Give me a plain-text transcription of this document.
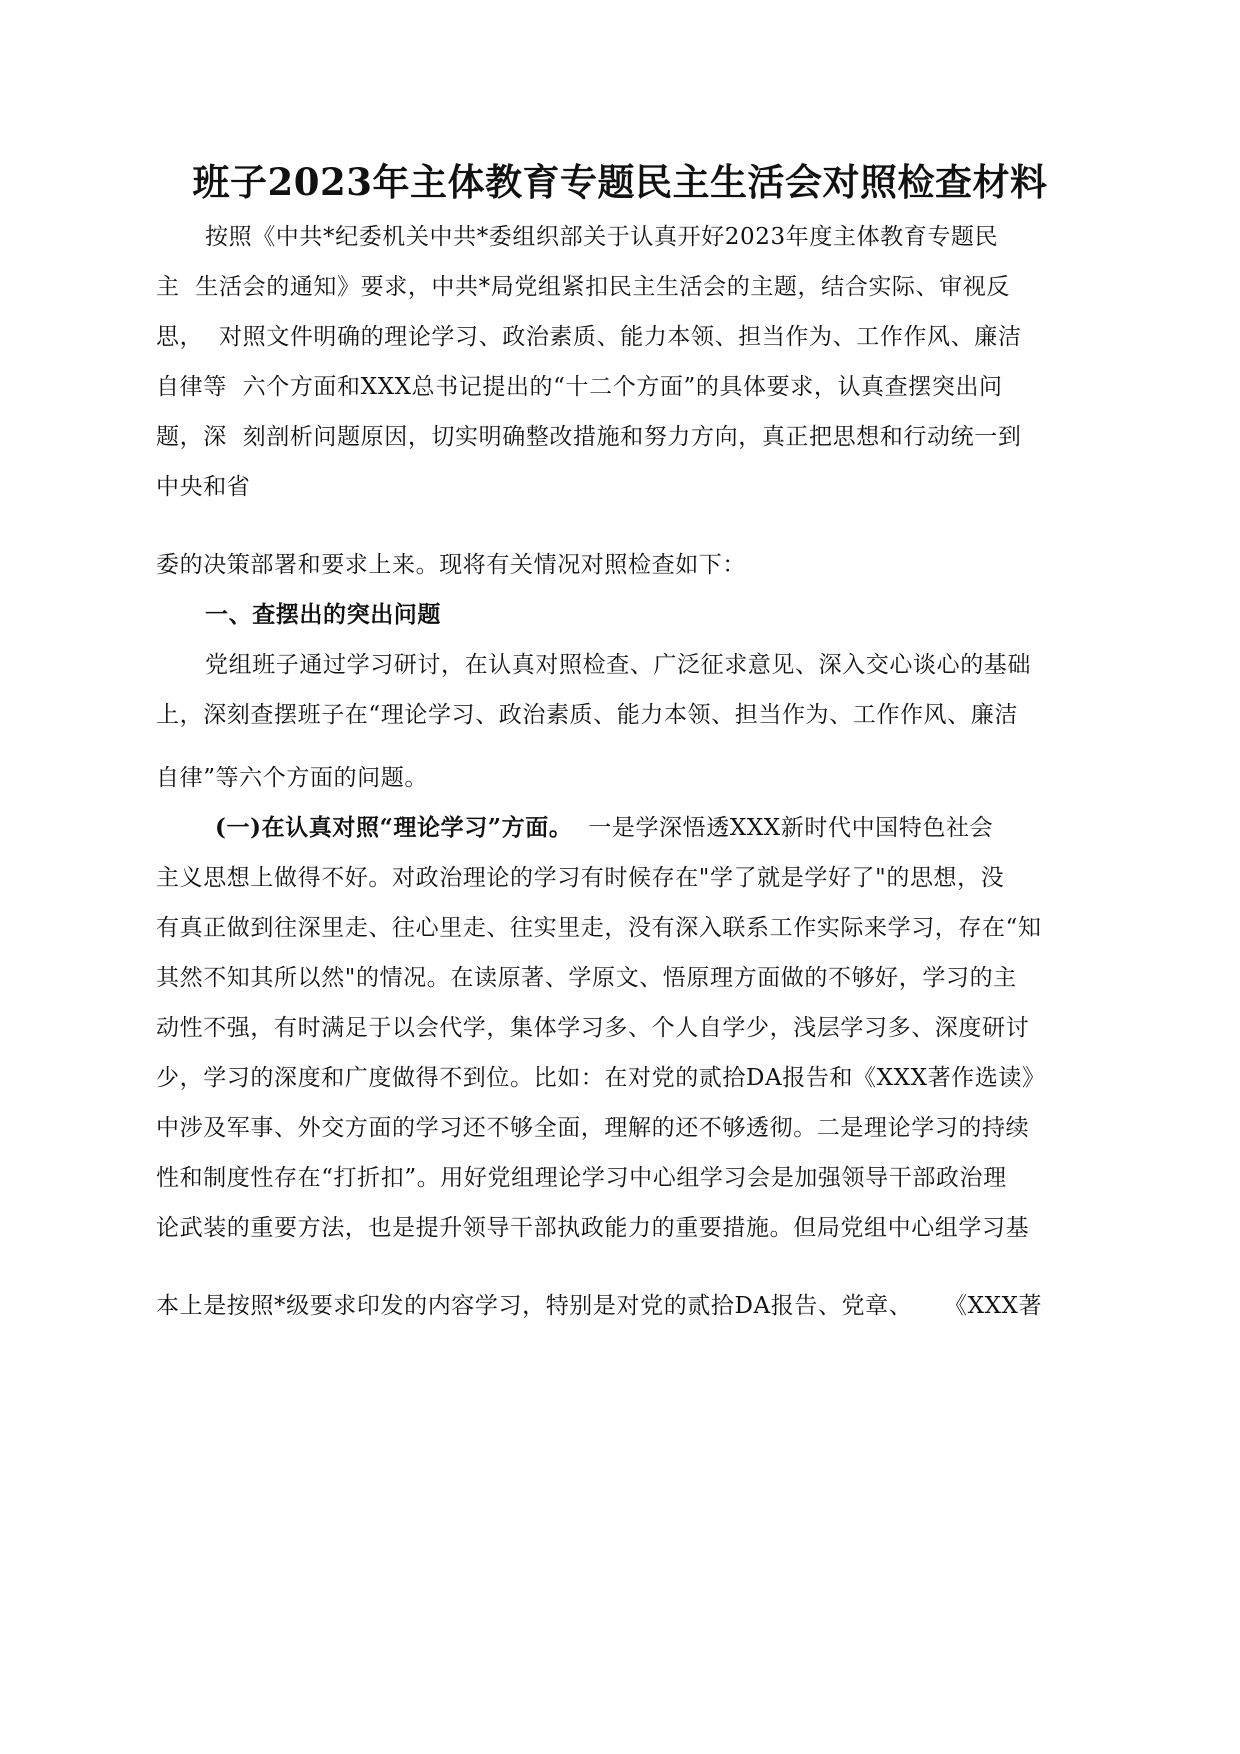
班子2023年主体教育专题民主生活会对照检查材料
按照《中共*纪委机关中共*委组织部关于认真开好2023年度主体教育专题民
主  生活会的通知》要求，中共*局党组紧扣民主生活会的主题，结合实际、审视反
思，  对照文件明确的理论学习、政治素质、能力本领、担当作为、工作作风、廉洁
自律等  六个方面和XXX总书记提出的“十二个方面”的具体要求，认真查摆突出问
题，深  刻剖析问题原因，切实明确整改措施和努力方向，真正把思想和行动统一到
中央和省
委的决策部署和要求上来。现将有关情况对照检查如下：
一、查摆出的突出问题
党组班子通过学习研讨，在认真对照检查、广泛征求意见、深入交心谈心的基础
上，深刻查摆班子在“理论学习、政治素质、能力本领、担当作为、工作作风、廉洁
自律”等六个方面的问题。
(一)在认真对照“理论学习”方面。  一是学深悟透XXX新时代中国特色社会
主义思想上做得不好。对政治理论的学习有时候存在"学了就是学好了"的思想，没
有真正做到往深里走、往心里走、往实里走，没有深入联系工作实际来学习，存在“知
其然不知其所以然"的情况。在读原著、学原文、悟原理方面做的不够好，学习的主
动性不强，有时满足于以会代学，集体学习多、个人自学少，浅层学习多、深度研讨
少，学习的深度和广度做得不到位。比如：在对党的贰拾DA报告和《XXX著作选读》
中涉及军事、外交方面的学习还不够全面，理解的还不够透彻。二是理论学习的持续
性和制度性存在“打折扣”。用好党组理论学习中心组学习会是加强领导干部政治理
论武装的重要方法，也是提升领导干部执政能力的重要措施。但局党组中心组学习基
本上是按照*级要求印发的内容学习，特别是对党的贰拾DA报告、党章、    《XXX著
